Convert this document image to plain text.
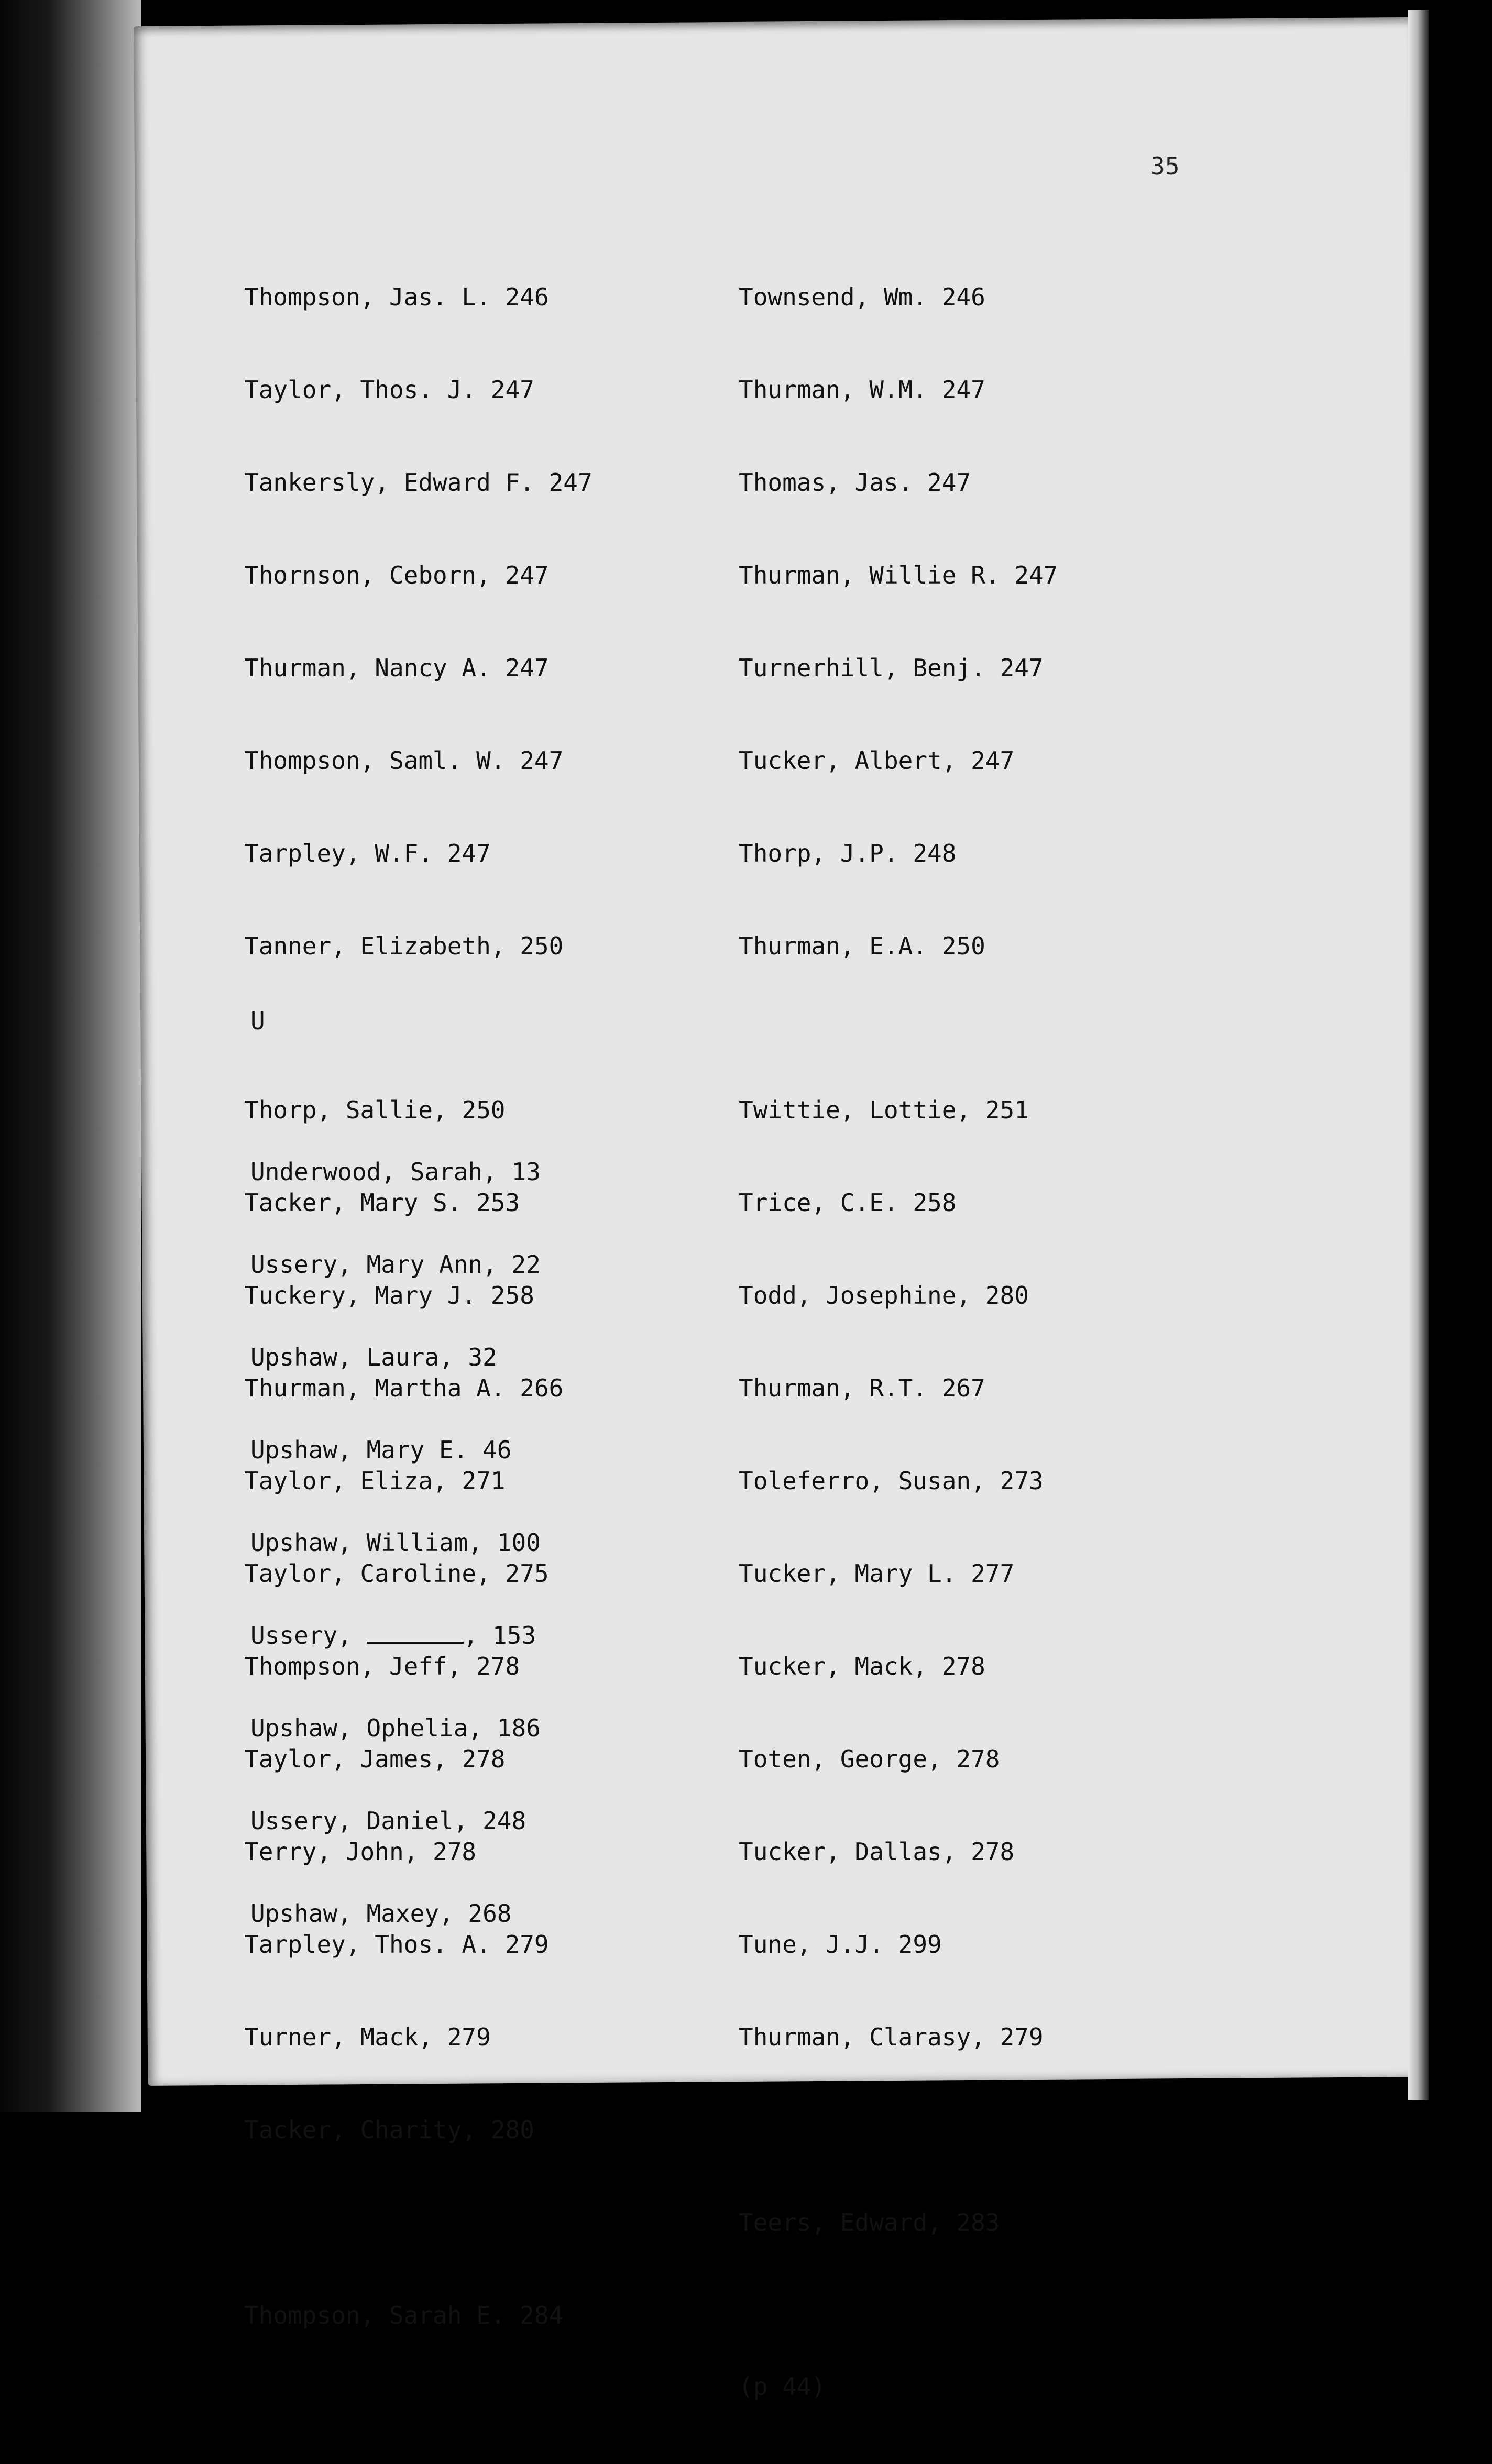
35

Thompson, Jas. L. 246

Taylor, Thos. J. 247

Tankersly, Edward F. 247

Thornson, Ceborn, 247

Thurman, Nancy A. 247

Thompson, Saml. W. 247

Tarpley, W.F. 247

Tanner, Elizabeth, 250

Thorp, Sallie, 250

Tacker, Mary S. 253

Tuckery, Mary J. 258

Thurman, Martha A. 266

Taylor, Eliza, 271

Taylor, Caroline, 275

Thompson, Jeff, 278

Taylor, James, 278

Terry, John, 278

Tarpley, Thos. A. 279

Turner, Mack, 279

Tacker, Charity, 280

Thompson, Sarah E. 284

Townsend, Wm. 246

Thurman, W.M. 247

Thomas, Jas. 247

Thurman, Willie R. 247

Turnerhill, Benj. 247

Tucker, Albert, 247

Thorp, J.P. 248

Thurman, E.A. 250

Twittie, Lottie, 251

Trice, C.E. 258

Todd, Josephine, 280

Thurman, R.T. 267

Toleferro, Susan, 273

Tucker, Mary L. 277

Tucker, Mack, 278

Toten, George, 278

Tucker, Dallas, 278

Tune, J.J. 299

Thurman, Clarasy, 279

Teers, Edward, 283

(p 44)

U

Underwood, Sarah, 13

Ussery, Mary Ann, 22

Upshaw, Laura, 32

Upshaw, Mary E. 46

Upshaw, William, 100

Ussery,	, 153

Upshaw, Ophelia, 186

Ussery, Daniel, 248

Upshaw, Maxey, 268
